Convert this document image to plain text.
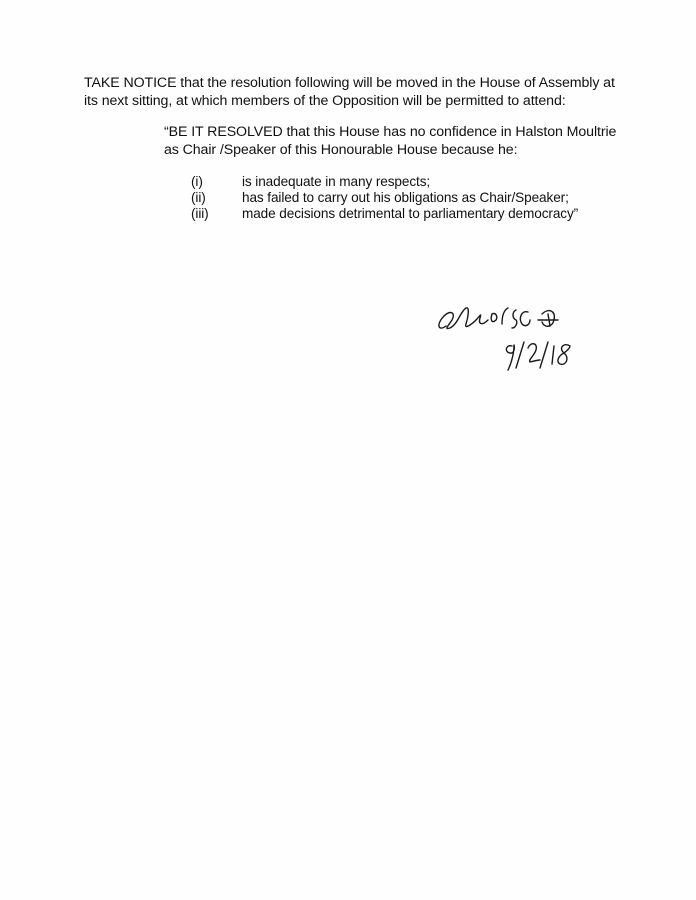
TAKE NOTICE that the resolution following will be moved in the House of Assembly at

its next sitting, at which members of the Opposition will be permitted to attend:

“BE IT RESOLVED that this House has no confidence in Halston Moultrie

as Chair /Speaker of this Honourable House because he:

(i)	is inadequate in many respects;
(ii)	has failed to carry out his obligations as Chair/Speaker;
(iii)	made decisions detrimental to parliamentary democracy”
